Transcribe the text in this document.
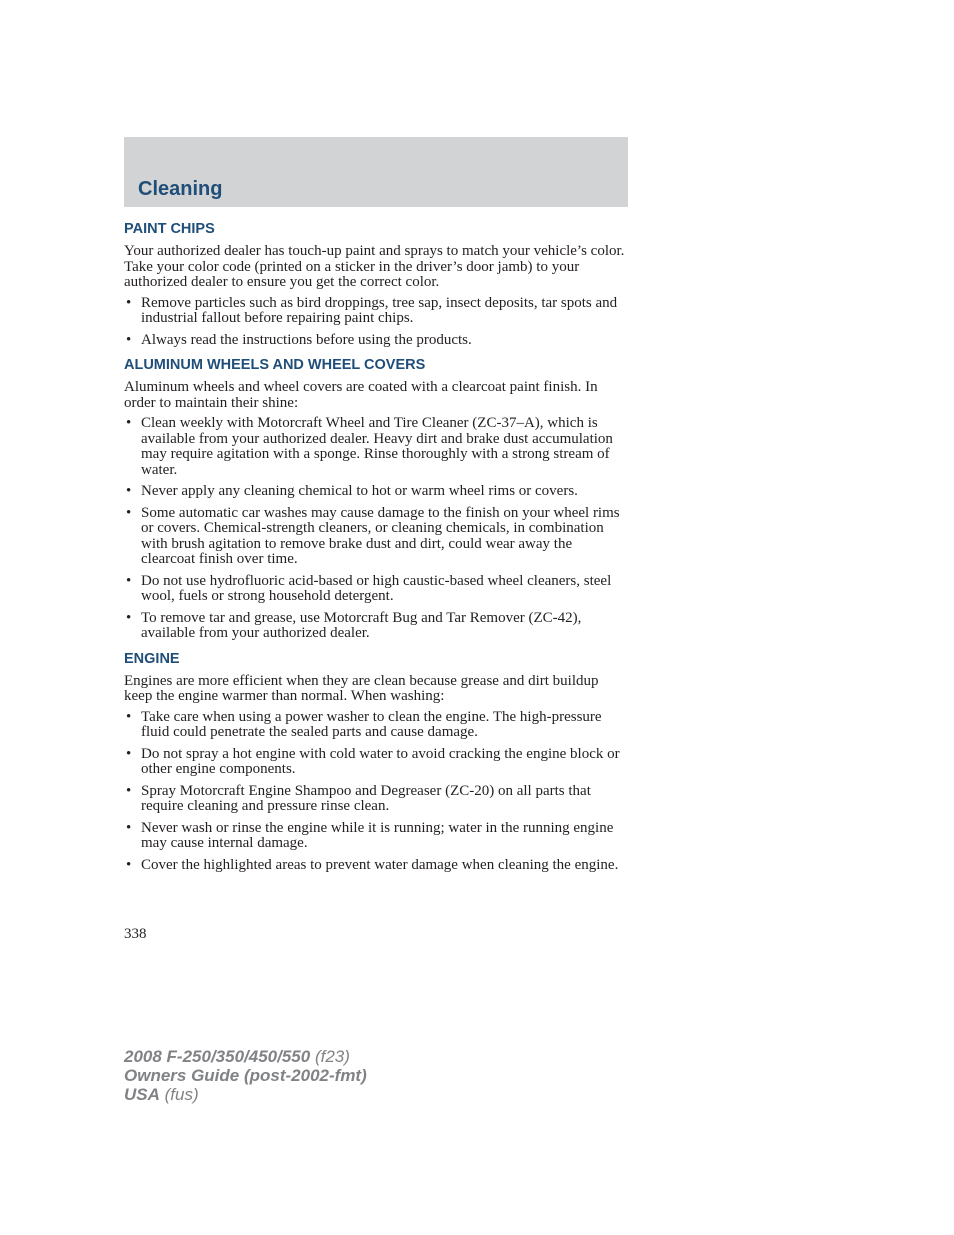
Cleaning
PAINT CHIPS

Your authorized dealer has touch-up paint and sprays to match your vehicle’s color. Take your color code (printed on a sticker in the driver’s door jamb) to your authorized dealer to ensure you get the correct color.

• Remove particles such as bird droppings, tree sap, insect deposits, tar spots and industrial fallout before repairing paint chips.
• Always read the instructions before using the products.
ALUMINUM WHEELS AND WHEEL COVERS

Aluminum wheels and wheel covers are coated with a clearcoat paint finish. In order to maintain their shine:

• Clean weekly with Motorcraft Wheel and Tire Cleaner (ZC-37–A), which is available from your authorized dealer. Heavy dirt and brake dust accumulation may require agitation with a sponge. Rinse thoroughly with a strong stream of water.
• Never apply any cleaning chemical to hot or warm wheel rims or covers.
• Some automatic car washes may cause damage to the finish on your wheel rims or covers. Chemical-strength cleaners, or cleaning chemicals, in combination with brush agitation to remove brake dust and dirt, could wear away the clearcoat finish over time.
• Do not use hydrofluoric acid-based or high caustic-based wheel cleaners, steel wool, fuels or strong household detergent.
• To remove tar and grease, use Motorcraft Bug and Tar Remover (ZC-42), available from your authorized dealer.
ENGINE

Engines are more efficient when they are clean because grease and dirt buildup keep the engine warmer than normal. When washing:

• Take care when using a power washer to clean the engine. The high-pressure fluid could penetrate the sealed parts and cause damage.
• Do not spray a hot engine with cold water to avoid cracking the engine block or other engine components.
• Spray Motorcraft Engine Shampoo and Degreaser (ZC-20) on all parts that require cleaning and pressure rinse clean.
• Never wash or rinse the engine while it is running; water in the running engine may cause internal damage.
• Cover the highlighted areas to prevent water damage when cleaning the engine.

338

2008 F-250/350/450/550 (f23)
Owners Guide (post-2002-fmt)
USA (fus)
